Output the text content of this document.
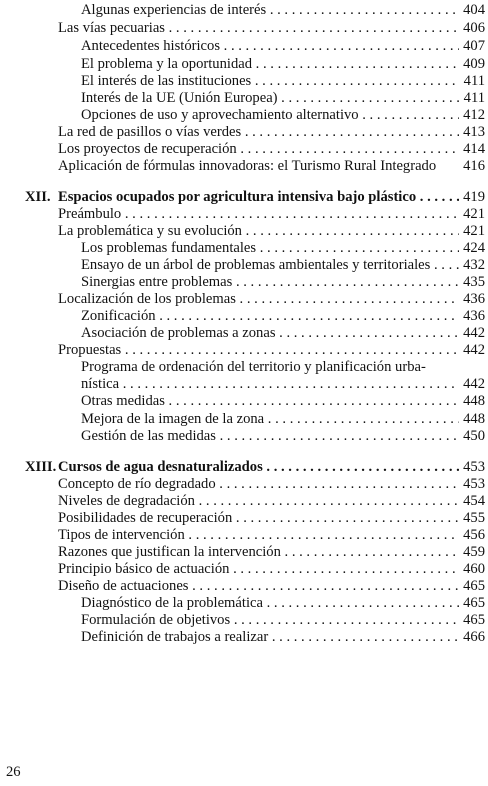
Algunas experiencias de interés . . .	404
Las vías pecuarias . . .	406
Antecedentes históricos . . .	407
El problema y la oportunidad . . .	409
El interés de las instituciones . . .	411
Interés de la UE (Unión Europea) . . .	411
Opciones de uso y aprovechamiento alternativo . . .	412
La red de pasillos o vías verdes . . .	413
Los proyectos de recuperación . . .	414
Aplicación de fórmulas innovadoras: el Turismo Rural Integrado	416
XII. Espacios ocupados por agricultura intensiva bajo plástico . . .	419
Preámbulo . . .	421
La problemática y su evolución . . .	421
Los problemas fundamentales . . .	424
Ensayo de un árbol de problemas ambientales y territoriales . . .	432
Sinergias entre problemas . . .	435
Localización de los problemas . . .	436
Zonificación . . .	436
Asociación de problemas a zonas . . .	442
Propuestas . . .	442
Programa de ordenación del territorio y planificación urba-
nística . . .	442
Otras medidas . . .	448
Mejora de la imagen de la zona . . .	448
Gestión de las medidas . . .	450
XIII. Cursos de agua desnaturalizados . . .	453
Concepto de río degradado . . .	453
Niveles de degradación . . .	454
Posibilidades de recuperación . . .	455
Tipos de intervención . . .	456
Razones que justifican la intervención . . .	459
Principio básico de actuación . . .	460
Diseño de actuaciones . . .	465
Diagnóstico de la problemática . . .	465
Formulación de objetivos . . .	465
Definición de trabajos a realizar . . .	466
26
